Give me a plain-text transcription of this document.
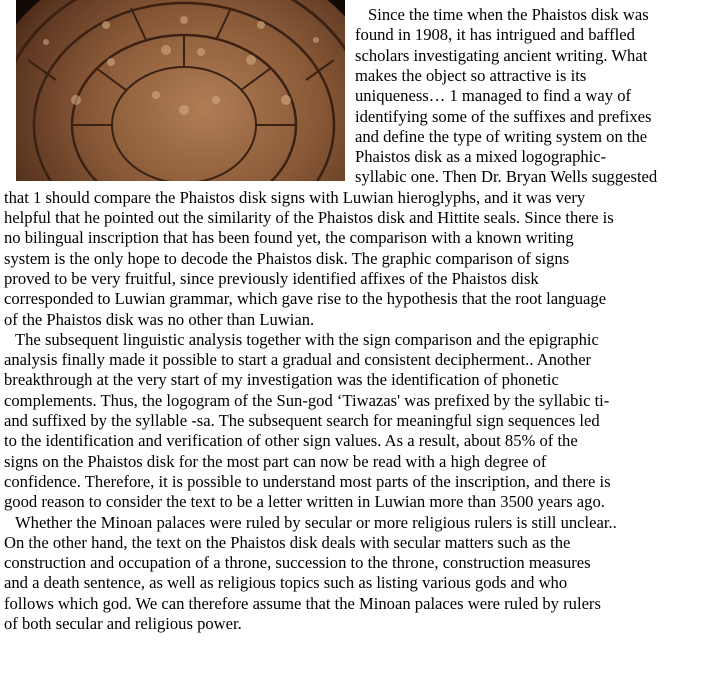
Since the time when the Phaistos disk was

found in 1908, it has intrigued and baffled

scholars investigating ancient writing. What

makes the object so attractive is its

uniqueness… 1 managed to find a way of

identifying some of the suffixes and prefixes

and define the type of writing system on the

Phaistos disk as a mixed logographic-

syllabic one. Then Dr. Bryan Wells suggested

that 1 should compare the Phaistos disk signs with Luwian hieroglyphs, and it was very

helpful that he pointed out the similarity of the Phaistos disk and Hittite seals. Since there is

no bilingual inscription that has been found yet, the comparison with a known writing

system is the only hope to decode the Phaistos disk. The graphic comparison of signs

proved to be very fruitful, since previously identified affixes of the Phaistos disk

corresponded to Luwian grammar, which gave rise to the hypothesis that the root language

of the Phaistos disk was no other than Luwian.

The subsequent linguistic analysis together with the sign comparison and the epigraphic

analysis finally made it possible to start a gradual and consistent decipherment.. Another

breakthrough at the very start of my investigation was the identification of phonetic

complements. Thus, the logogram of the Sun-god ‘Tiwazas' was prefixed by the syllabic ti-

and suffixed by the syllable -sa. The subsequent search for meaningful sign sequences led

to the identification and verification of other sign values. As a result, about 85% of the

signs on the Phaistos disk for the most part can now be read with a high degree of

confidence. Therefore, it is possible to understand most parts of the inscription, and there is

good reason to consider the text to be a letter written in Luwian more than 3500 years ago.

Whether the Minoan palaces were ruled by secular or more religious rulers is still unclear..

On the other hand, the text on the Phaistos disk deals with secular matters such as the

construction and occupation of a throne, succession to the throne, construction measures

and a death sentence, as well as religious topics such as listing various gods and who

follows which god. We can therefore assume that the Minoan palaces were ruled by rulers

of both secular and religious power.
